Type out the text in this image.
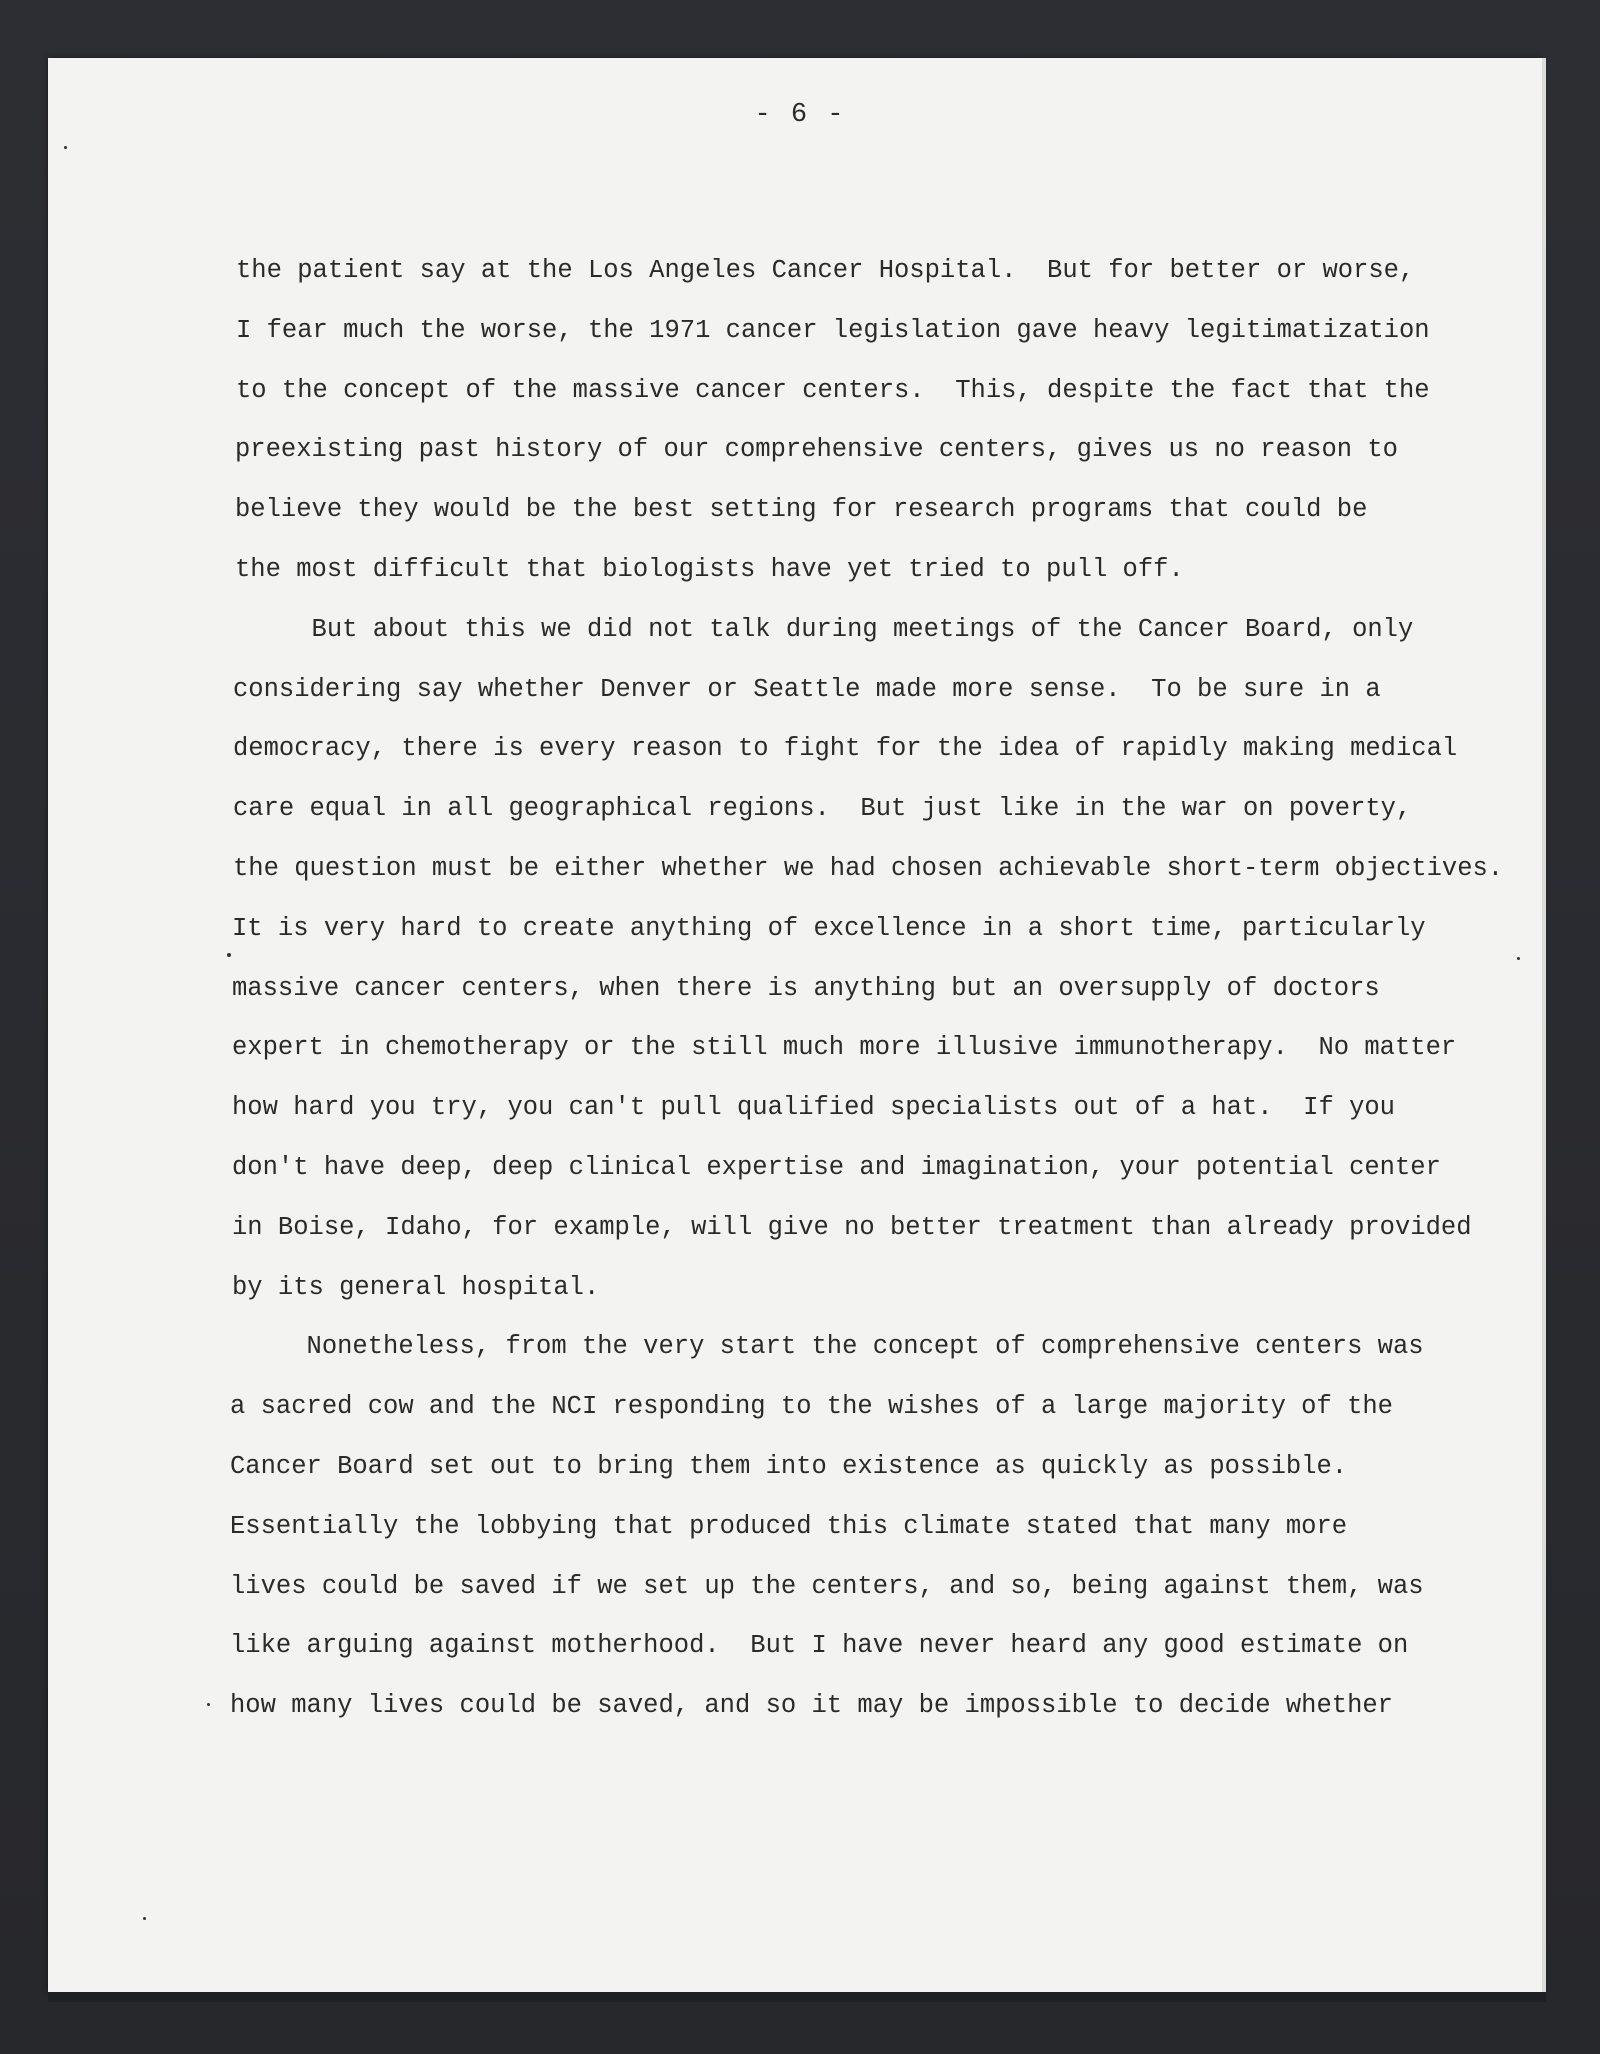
- 6 -
the patient say at the Los Angeles Cancer Hospital.  But for better or worse,
I fear much the worse, the 1971 cancer legislation gave heavy legitimatization
to the concept of the massive cancer centers.  This, despite the fact that the
preexisting past history of our comprehensive centers, gives us no reason to
believe they would be the best setting for research programs that could be
the most difficult that biologists have yet tried to pull off.
But about this we did not talk during meetings of the Cancer Board, only
considering say whether Denver or Seattle made more sense.  To be sure in a
democracy, there is every reason to fight for the idea of rapidly making medical
care equal in all geographical regions.  But just like in the war on poverty,
the question must be either whether we had chosen achievable short-term objectives.
It is very hard to create anything of excellence in a short time, particularly
massive cancer centers, when there is anything but an oversupply of doctors
expert in chemotherapy or the still much more illusive immunotherapy.  No matter
how hard you try, you can't pull qualified specialists out of a hat.  If you
don't have deep, deep clinical expertise and imagination, your potential center
in Boise, Idaho, for example, will give no better treatment than already provided
by its general hospital.
Nonetheless, from the very start the concept of comprehensive centers was
a sacred cow and the NCI responding to the wishes of a large majority of the
Cancer Board set out to bring them into existence as quickly as possible.
Essentially the lobbying that produced this climate stated that many more
lives could be saved if we set up the centers, and so, being against them, was
like arguing against motherhood.  But I have never heard any good estimate on
how many lives could be saved, and so it may be impossible to decide whether
